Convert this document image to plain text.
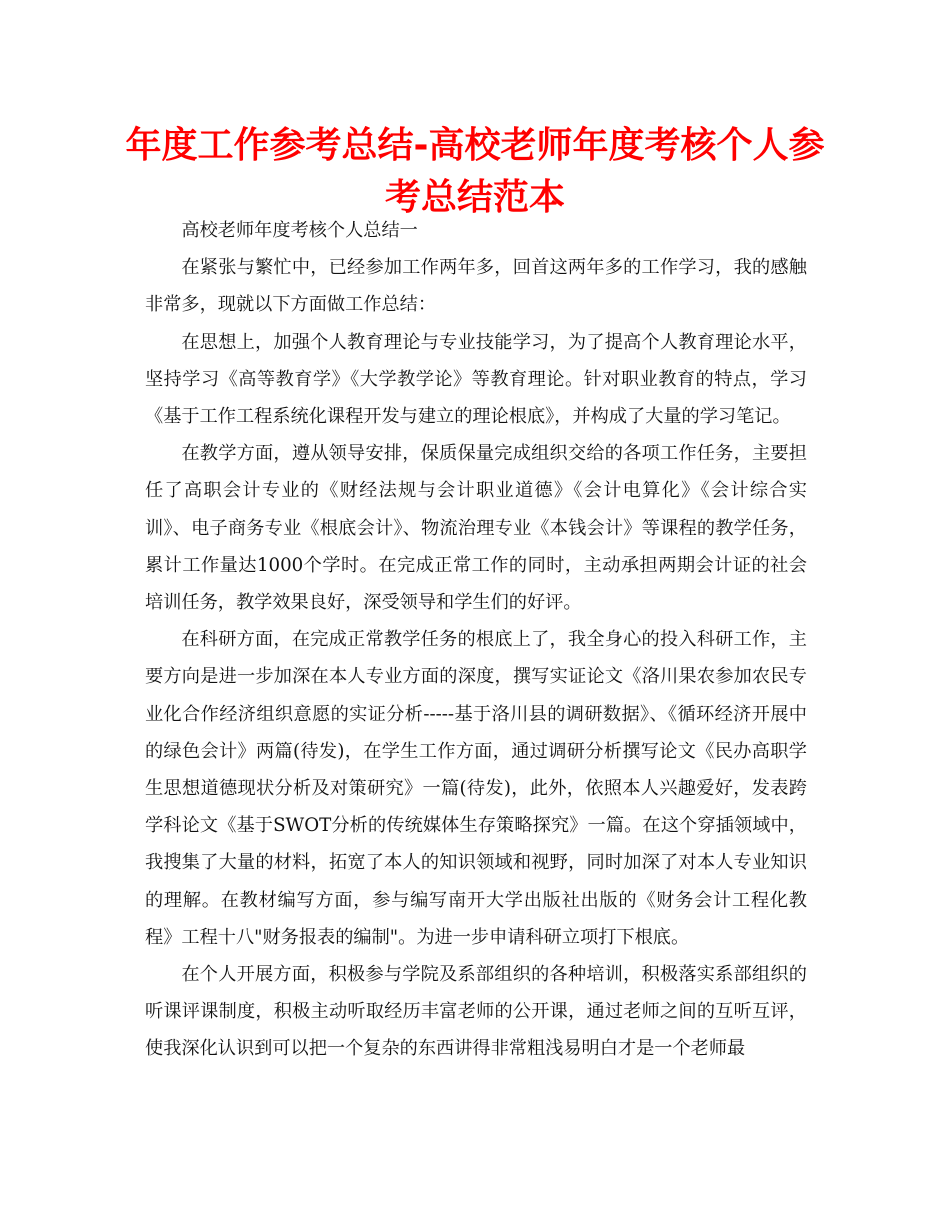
年度工作参考总结-高校老师年度考核个人参考总结范本

高校老师年度考核个人总结一

在紧张与繁忙中，已经参加工作两年多，回首这两年多的工作学习，我的感触非常多，现就以下方面做工作总结：

在思想上，加强个人教育理论与专业技能学习，为了提高个人教育理论水平，坚持学习《高等教育学》《大学教学论》等教育理论。针对职业教育的特点，学习《基于工作工程系统化课程开发与建立的理论根底》，并构成了大量的学习笔记。

在教学方面，遵从领导安排，保质保量完成组织交给的各项工作任务，主要担任了高职会计专业的《财经法规与会计职业道德》《会计电算化》《会计综合实训》、电子商务专业《根底会计》、物流治理专业《本钱会计》等课程的教学任务，累计工作量达1000个学时。在完成正常工作的同时，主动承担两期会计证的社会培训任务，教学效果良好，深受领导和学生们的好评。

在科研方面，在完成正常教学任务的根底上了，我全身心的投入科研工作，主要方向是进一步加深在本人专业方面的深度，撰写实证论文《洛川果农参加农民专业化合作经济组织意愿的实证分析-----基于洛川县的调研数据》、《循环经济开展中的绿色会计》两篇(待发)，在学生工作方面，通过调研分析撰写论文《民办高职学生思想道德现状分析及对策研究》一篇(待发)，此外，依照本人兴趣爱好，发表跨学科论文《基于SWOT分析的传统媒体生存策略探究》一篇。在这个穿插领域中，我搜集了大量的材料，拓宽了本人的知识领域和视野，同时加深了对本人专业知识的理解。在教材编写方面，参与编写南开大学出版社出版的《财务会计工程化教程》工程十八"财务报表的编制"。为进一步申请科研立项打下根底。

在个人开展方面，积极参与学院及系部组织的各种培训，积极落实系部组织的听课评课制度，积极主动听取经历丰富老师的公开课，通过老师之间的互听互评，使我深化认识到可以把一个复杂的东西讲得非常粗浅易明白才是一个老师最
